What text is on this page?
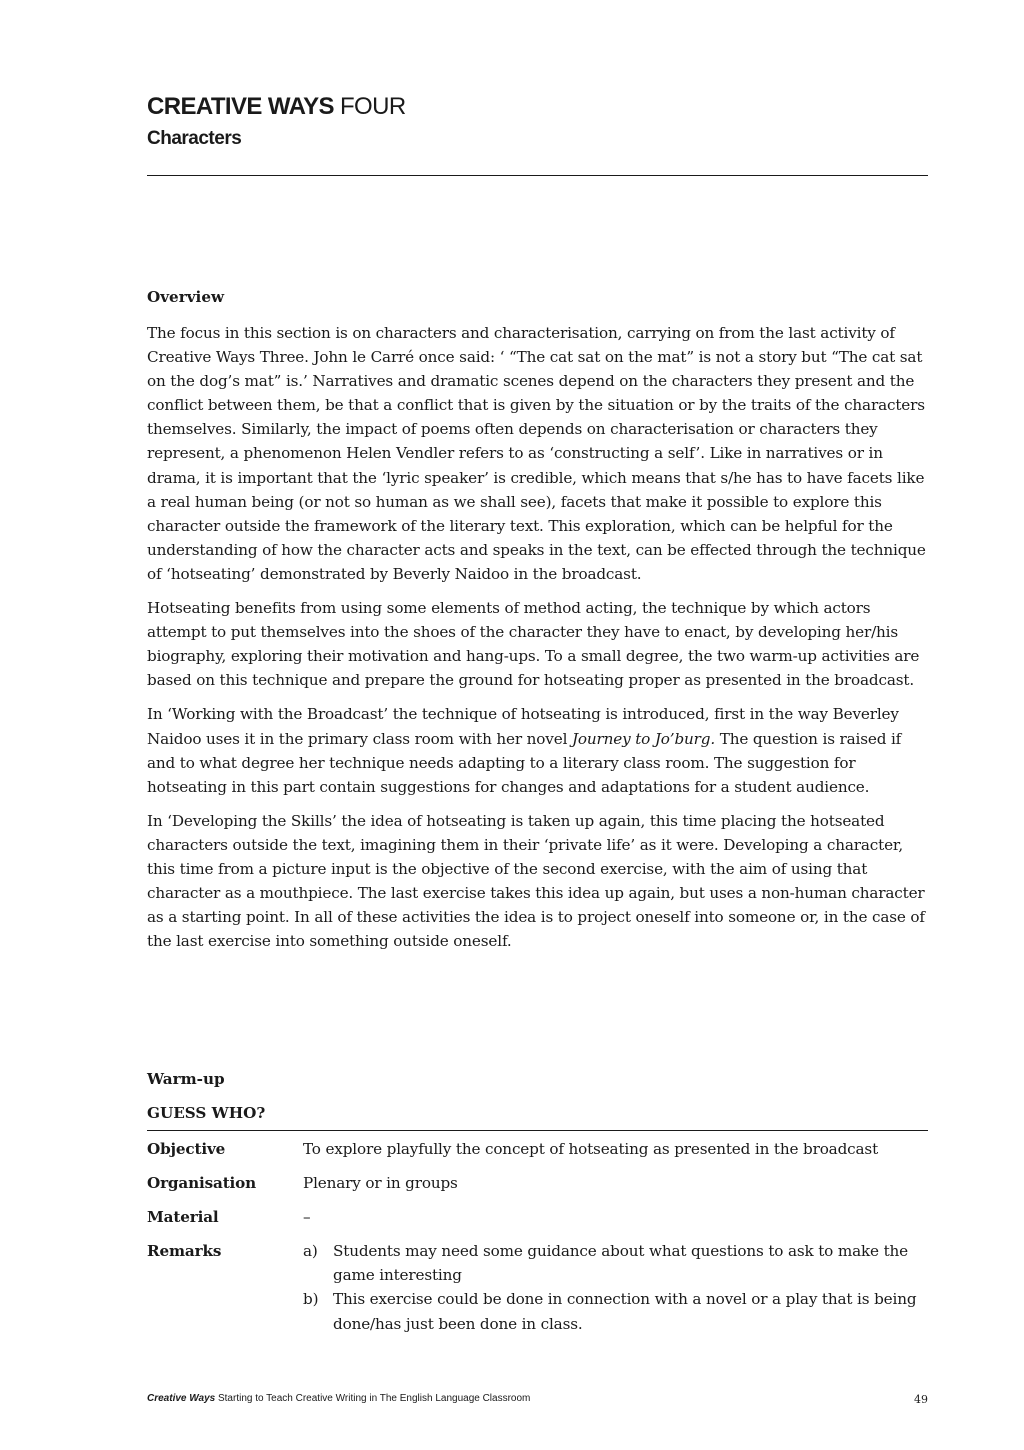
CREATIVE WAYS FOUR
Characters
Overview

The focus in this section is on characters and characterisation, carrying on from the last activity of Creative Ways Three. John le Carré once said: ‘ “The cat sat on the mat” is not a story but “The cat sat on the dog’s mat” is.’ Narratives and dramatic scenes depend on the characters they present and the conflict between them, be that a conflict that is given by the situation or by the traits of the characters themselves. Similarly, the impact of poems often depends on characterisation or characters they represent, a phenomenon Helen Vendler refers to as ‘constructing a self’. Like in narratives or in drama, it is important that the ‘lyric speaker’ is credible, which means that s/he has to have facets like a real human being (or not so human as we shall see), facets that make it possible to explore this character outside the framework of the literary text. This exploration, which can be helpful for the understanding of how the character acts and speaks in the text, can be effected through the technique of ‘hotseating’ demonstrated by Beverly Naidoo in the broadcast.

Hotseating benefits from using some elements of method acting, the technique by which actors attempt to put themselves into the shoes of the character they have to enact, by developing her/his biography, exploring their motivation and hang-ups. To a small degree, the two warm-up activities are based on this technique and prepare the ground for hotseating proper as presented in the broadcast.

In ‘Working with the Broadcast’ the technique of hotseating is introduced, first in the way Beverley Naidoo uses it in the primary class room with her novel Journey to Jo’burg. The question is raised if and to what degree her technique needs adapting to a literary class room. The suggestion for hotseating in this part contain suggestions for changes and adaptations for a student audience.

In ‘Developing the Skills’ the idea of hotseating is taken up again, this time placing the hotseated characters outside the text, imagining them in their ‘private life’ as it were. Developing a character, this time from a picture input is the objective of the second exercise, with the aim of using that character as a mouthpiece. The last exercise takes this idea up again, but uses a non-human character as a starting point. In all of these activities the idea is to project oneself into someone or, in the case of the last exercise into something outside oneself.

Warm-up
GUESS WHO?
Objective	To explore playfully the concept of hotseating as presented in the broadcast
Organisation	Plenary or in groups
Material	–
Remarks	a)	Students may need some guidance about what questions to ask to make the game interesting
b) This exercise could be done in connection with a novel or a play that is being done/has just been done in class.
Creative Ways Starting to Teach Creative Writing in The English Language Classroom	49
